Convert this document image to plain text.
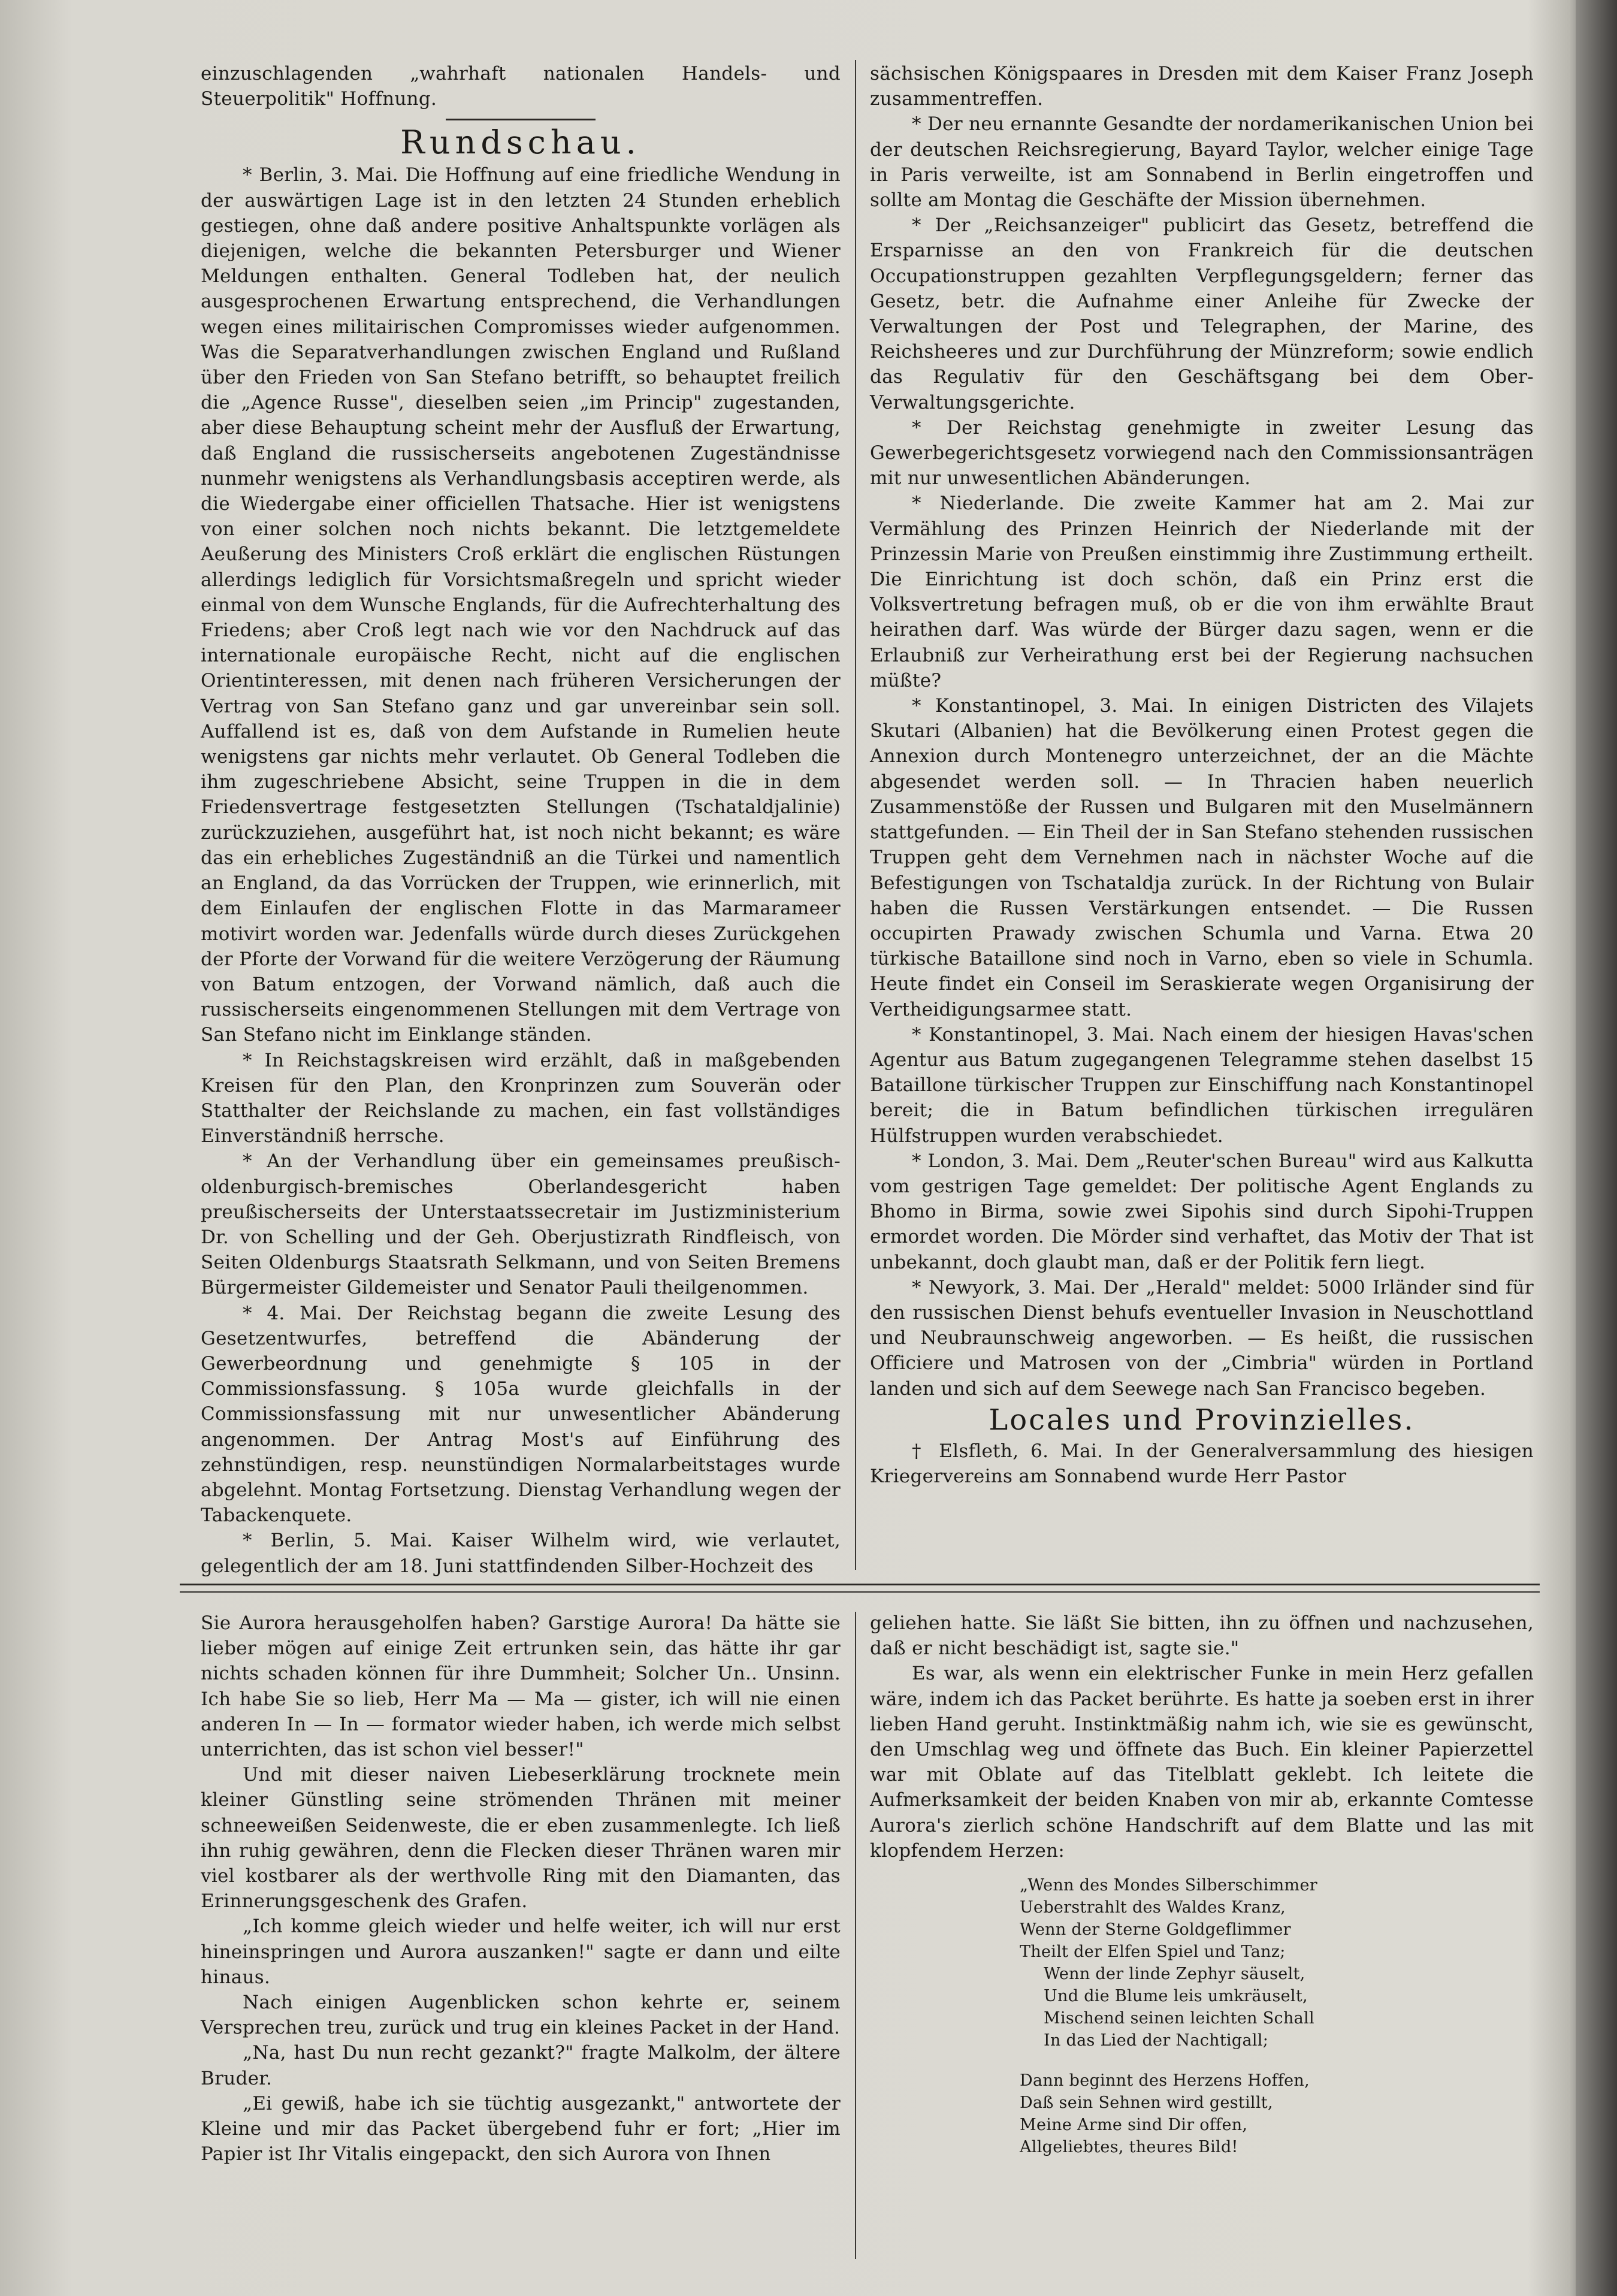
einzuschlagenden „wahrhaft nationalen Handels- und Steuerpolitik" Hoffnung.

Rundschau.

* Berlin, 3. Mai. Die Hoffnung auf eine friedliche Wendung in der auswärtigen Lage ist in den letzten 24 Stunden erheblich gestiegen, ohne daß andere positive Anhaltspunkte vorlägen als diejenigen, welche die bekannten Petersburger und Wiener Meldungen enthalten. General Todleben hat, der neulich ausgesprochenen Erwartung entsprechend, die Verhandlungen wegen eines militairischen Compromisses wieder aufgenommen. Was die Separatverhandlungen zwischen England und Rußland über den Frieden von San Stefano betrifft, so behauptet freilich die „Agence Russe", dieselben seien „im Princip" zugestanden, aber diese Behauptung scheint mehr der Ausfluß der Erwartung, daß England die russischerseits angebotenen Zugeständnisse nunmehr wenigstens als Verhandlungsbasis acceptiren werde, als die Wiedergabe einer officiellen Thatsache. Hier ist wenigstens von einer solchen noch nichts bekannt. Die letztgemeldete Aeußerung des Ministers Croß erklärt die englischen Rüstungen allerdings lediglich für Vorsichtsmaßregeln und spricht wieder einmal von dem Wunsche Englands, für die Aufrechterhaltung des Friedens; aber Croß legt nach wie vor den Nachdruck auf das internationale europäische Recht, nicht auf die englischen Orientinteressen, mit denen nach früheren Versicherungen der Vertrag von San Stefano ganz und gar unvereinbar sein soll. Auffallend ist es, daß von dem Aufstande in Rumelien heute wenigstens gar nichts mehr verlautet. Ob General Todleben die ihm zugeschriebene Absicht, seine Truppen in die in dem Friedensvertrage festgesetzten Stellungen (Tschataldjalinie) zurückzuziehen, ausgeführt hat, ist noch nicht bekannt; es wäre das ein erhebliches Zugeständniß an die Türkei und namentlich an England, da das Vorrücken der Truppen, wie erinnerlich, mit dem Einlaufen der englischen Flotte in das Marmarameer motivirt worden war. Jedenfalls würde durch dieses Zurückgehen der Pforte der Vorwand für die weitere Verzögerung der Räumung von Batum entzogen, der Vorwand nämlich, daß auch die russischerseits eingenommenen Stellungen mit dem Vertrage von San Stefano nicht im Einklange ständen.

* In Reichstagskreisen wird erzählt, daß in maßgebenden Kreisen für den Plan, den Kronprinzen zum Souverän oder Statthalter der Reichslande zu machen, ein fast vollständiges Einverständniß herrsche.

* An der Verhandlung über ein gemeinsames preußisch-oldenburgisch-bremisches Oberlandesgericht haben preußischerseits der Unterstaatssecretair im Justizministerium Dr. von Schelling und der Geh. Oberjustizrath Rindfleisch, von Seiten Oldenburgs Staatsrath Selkmann, und von Seiten Bremens Bürgermeister Gildemeister und Senator Pauli theilgenommen.

* 4. Mai. Der Reichstag begann die zweite Lesung des Gesetzentwurfes, betreffend die Abänderung der Gewerbeordnung und genehmigte § 105 in der Commissionsfassung. § 105a wurde gleichfalls in der Commissionsfassung mit nur unwesentlicher Abänderung angenommen. Der Antrag Most's auf Einführung des zehnstündigen, resp. neunstündigen Normalarbeitstages wurde abgelehnt. Montag Fortsetzung. Dienstag Verhandlung wegen der Tabackenquete.

* Berlin, 5. Mai. Kaiser Wilhelm wird, wie verlautet, gelegentlich der am 18. Juni stattfindenden Silber-Hochzeit des

sächsischen Königspaares in Dresden mit dem Kaiser Franz Joseph zusammentreffen.

* Der neu ernannte Gesandte der nordamerikanischen Union bei der deutschen Reichsregierung, Bayard Taylor, welcher einige Tage in Paris verweilte, ist am Sonnabend in Berlin eingetroffen und sollte am Montag die Geschäfte der Mission übernehmen.

* Der „Reichsanzeiger" publicirt das Gesetz, betreffend die Ersparnisse an den von Frankreich für die deutschen Occupationstruppen gezahlten Verpflegungsgeldern; ferner das Gesetz, betr. die Aufnahme einer Anleihe für Zwecke der Verwaltungen der Post und Telegraphen, der Marine, des Reichsheeres und zur Durchführung der Münzreform; sowie endlich das Regulativ für den Geschäftsgang bei dem Ober-Verwaltungsgerichte.

* Der Reichstag genehmigte in zweiter Lesung das Gewerbegerichtsgesetz vorwiegend nach den Commissionsanträgen mit nur unwesentlichen Abänderungen.

* Niederlande. Die zweite Kammer hat am 2. Mai zur Vermählung des Prinzen Heinrich der Niederlande mit der Prinzessin Marie von Preußen einstimmig ihre Zustimmung ertheilt. Die Einrichtung ist doch schön, daß ein Prinz erst die Volksvertretung befragen muß, ob er die von ihm erwählte Braut heirathen darf. Was würde der Bürger dazu sagen, wenn er die Erlaubniß zur Verheirathung erst bei der Regierung nachsuchen müßte?

* Konstantinopel, 3. Mai. In einigen Districten des Vilajets Skutari (Albanien) hat die Bevölkerung einen Protest gegen die Annexion durch Montenegro unterzeichnet, der an die Mächte abgesendet werden soll. — In Thracien haben neuerlich Zusammenstöße der Russen und Bulgaren mit den Muselmännern stattgefunden. — Ein Theil der in San Stefano stehenden russischen Truppen geht dem Vernehmen nach in nächster Woche auf die Befestigungen von Tschataldja zurück. In der Richtung von Bulair haben die Russen Verstärkungen entsendet. — Die Russen occupirten Prawady zwischen Schumla und Varna. Etwa 20 türkische Bataillone sind noch in Varno, eben so viele in Schumla. Heute findet ein Conseil im Seraskierate wegen Organisirung der Vertheidigungsarmee statt.

* Konstantinopel, 3. Mai. Nach einem der hiesigen Havas'schen Agentur aus Batum zugegangenen Telegramme stehen daselbst 15 Bataillone türkischer Truppen zur Einschiffung nach Konstantinopel bereit; die in Batum befindlichen türkischen irregulären Hülfstruppen wurden verabschiedet.

* London, 3. Mai. Dem „Reuter'schen Bureau" wird aus Kalkutta vom gestrigen Tage gemeldet: Der politische Agent Englands zu Bhomo in Birma, sowie zwei Sipohis sind durch Sipohi-Truppen ermordet worden. Die Mörder sind verhaftet, das Motiv der That ist unbekannt, doch glaubt man, daß er der Politik fern liegt.

* Newyork, 3. Mai. Der „Herald" meldet: 5000 Irländer sind für den russischen Dienst behufs eventueller Invasion in Neuschottland und Neubraunschweig angeworben. — Es heißt, die russischen Officiere und Matrosen von der „Cimbria" würden in Portland landen und sich auf dem Seewege nach San Francisco begeben.

Locales und Provinzielles.

† Elsfleth, 6. Mai. In der Generalversammlung des hiesigen Kriegervereins am Sonnabend wurde Herr Pastor

Sie Aurora herausgeholfen haben? Garstige Aurora! Da hätte sie lieber mögen auf einige Zeit ertrunken sein, das hätte ihr gar nichts schaden können für ihre Dummheit; Solcher Un.. Unsinn. Ich habe Sie so lieb, Herr Ma — Ma — gister, ich will nie einen anderen In — In — formator wieder haben, ich werde mich selbst unterrichten, das ist schon viel besser!"

Und mit dieser naiven Liebeserklärung trocknete mein kleiner Günstling seine strömenden Thränen mit meiner schneeweißen Seidenweste, die er eben zusammenlegte. Ich ließ ihn ruhig gewähren, denn die Flecken dieser Thränen waren mir viel kostbarer als der werthvolle Ring mit den Diamanten, das Erinnerungsgeschenk des Grafen.

„Ich komme gleich wieder und helfe weiter, ich will nur erst hineinspringen und Aurora auszanken!" sagte er dann und eilte hinaus.

Nach einigen Augenblicken schon kehrte er, seinem Versprechen treu, zurück und trug ein kleines Packet in der Hand.

„Na, hast Du nun recht gezankt?" fragte Malkolm, der ältere Bruder.

„Ei gewiß, habe ich sie tüchtig ausgezankt," antwortete der Kleine und mir das Packet übergebend fuhr er fort; „Hier im Papier ist Ihr Vitalis eingepackt, den sich Aurora von Ihnen

geliehen hatte. Sie läßt Sie bitten, ihn zu öffnen und nachzusehen, daß er nicht beschädigt ist, sagte sie."

Es war, als wenn ein elektrischer Funke in mein Herz gefallen wäre, indem ich das Packet berührte. Es hatte ja soeben erst in ihrer lieben Hand geruht. Instinktmäßig nahm ich, wie sie es gewünscht, den Umschlag weg und öffnete das Buch. Ein kleiner Papierzettel war mit Oblate auf das Titelblatt geklebt. Ich leitete die Aufmerksamkeit der beiden Knaben von mir ab, erkannte Comtesse Aurora's zierlich schöne Handschrift auf dem Blatte und las mit klopfendem Herzen:

„Wenn des Mondes Silberschimmer
Ueberstrahlt des Waldes Kranz,
Wenn der Sterne Goldgeflimmer
Theilt der Elfen Spiel und Tanz;
Wenn der linde Zephyr säuselt,
Und die Blume leis umkräuselt,
Mischend seinen leichten Schall
In das Lied der Nachtigall;
Dann beginnt des Herzens Hoffen,
Daß sein Sehnen wird gestillt,
Meine Arme sind Dir offen,
Allgeliebtes, theures Bild!
